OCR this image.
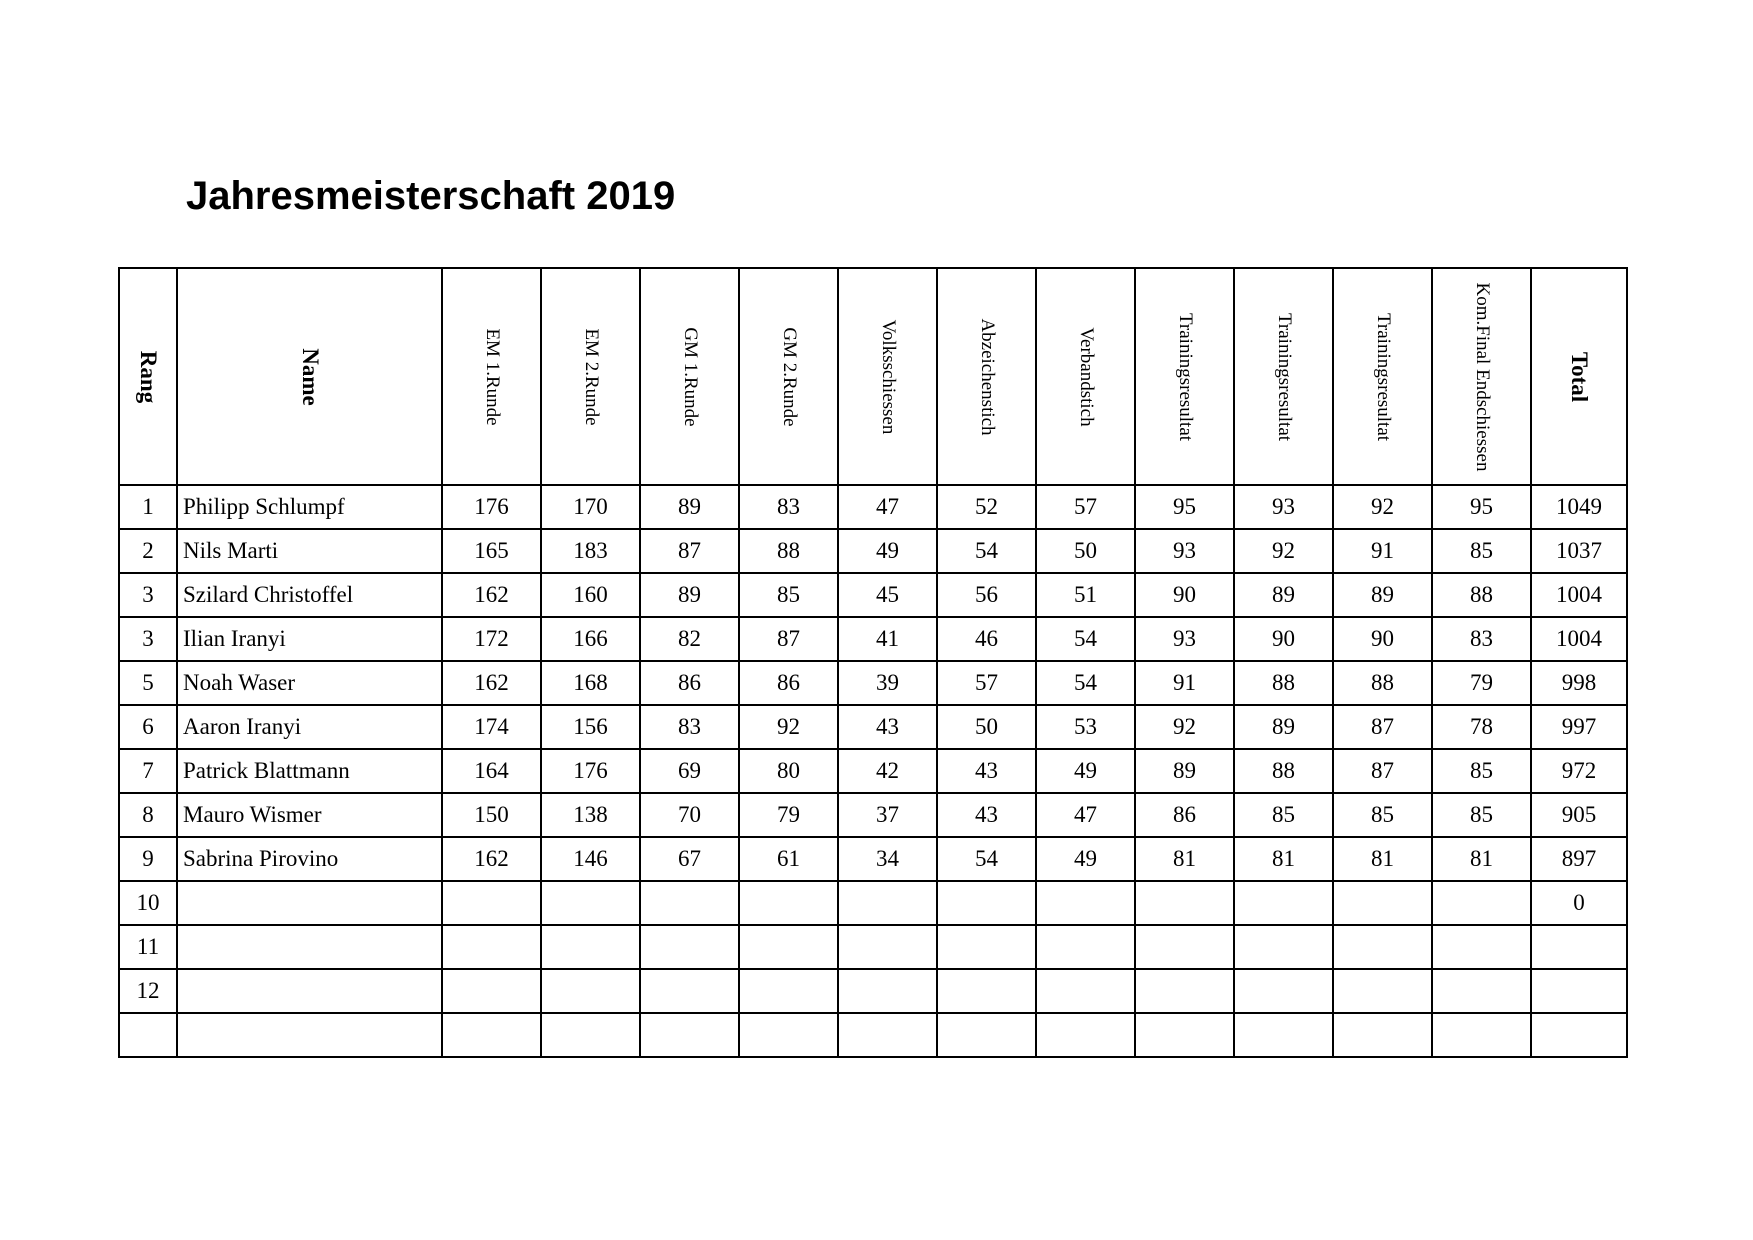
Jahresmeisterschaft 2019
Rang	Name	EM 1.Runde	EM 2.Runde	GM 1.Runde	GM 2.Runde	Volksschiessen	Abzeichenstich	Verbandstich	Trainingsresultat	Trainingsresultat	Trainingsresultat	Kom.Final Endschiessen	Total

1	Philipp Schlumpf	176	170	89	83	47	52	57	95	93	92	95	1049
2	Nils Marti	165	183	87	88	49	54	50	93	92	91	85	1037
3	Szilard Christoffel	162	160	89	85	45	56	51	90	89	89	88	1004
3	Ilian Iranyi	172	166	82	87	41	46	54	93	90	90	83	1004
5	Noah Waser	162	168	86	86	39	57	54	91	88	88	79	998
6	Aaron Iranyi	174	156	83	92	43	50	53	92	89	87	78	997
7	Patrick Blattmann	164	176	69	80	42	43	49	89	88	87	85	972
8	Mauro Wismer	150	138	70	79	37	43	47	86	85	85	85	905
9	Sabrina Pirovino	162	146	67	61	34	54	49	81	81	81	81	897
10													0
11													
12													
